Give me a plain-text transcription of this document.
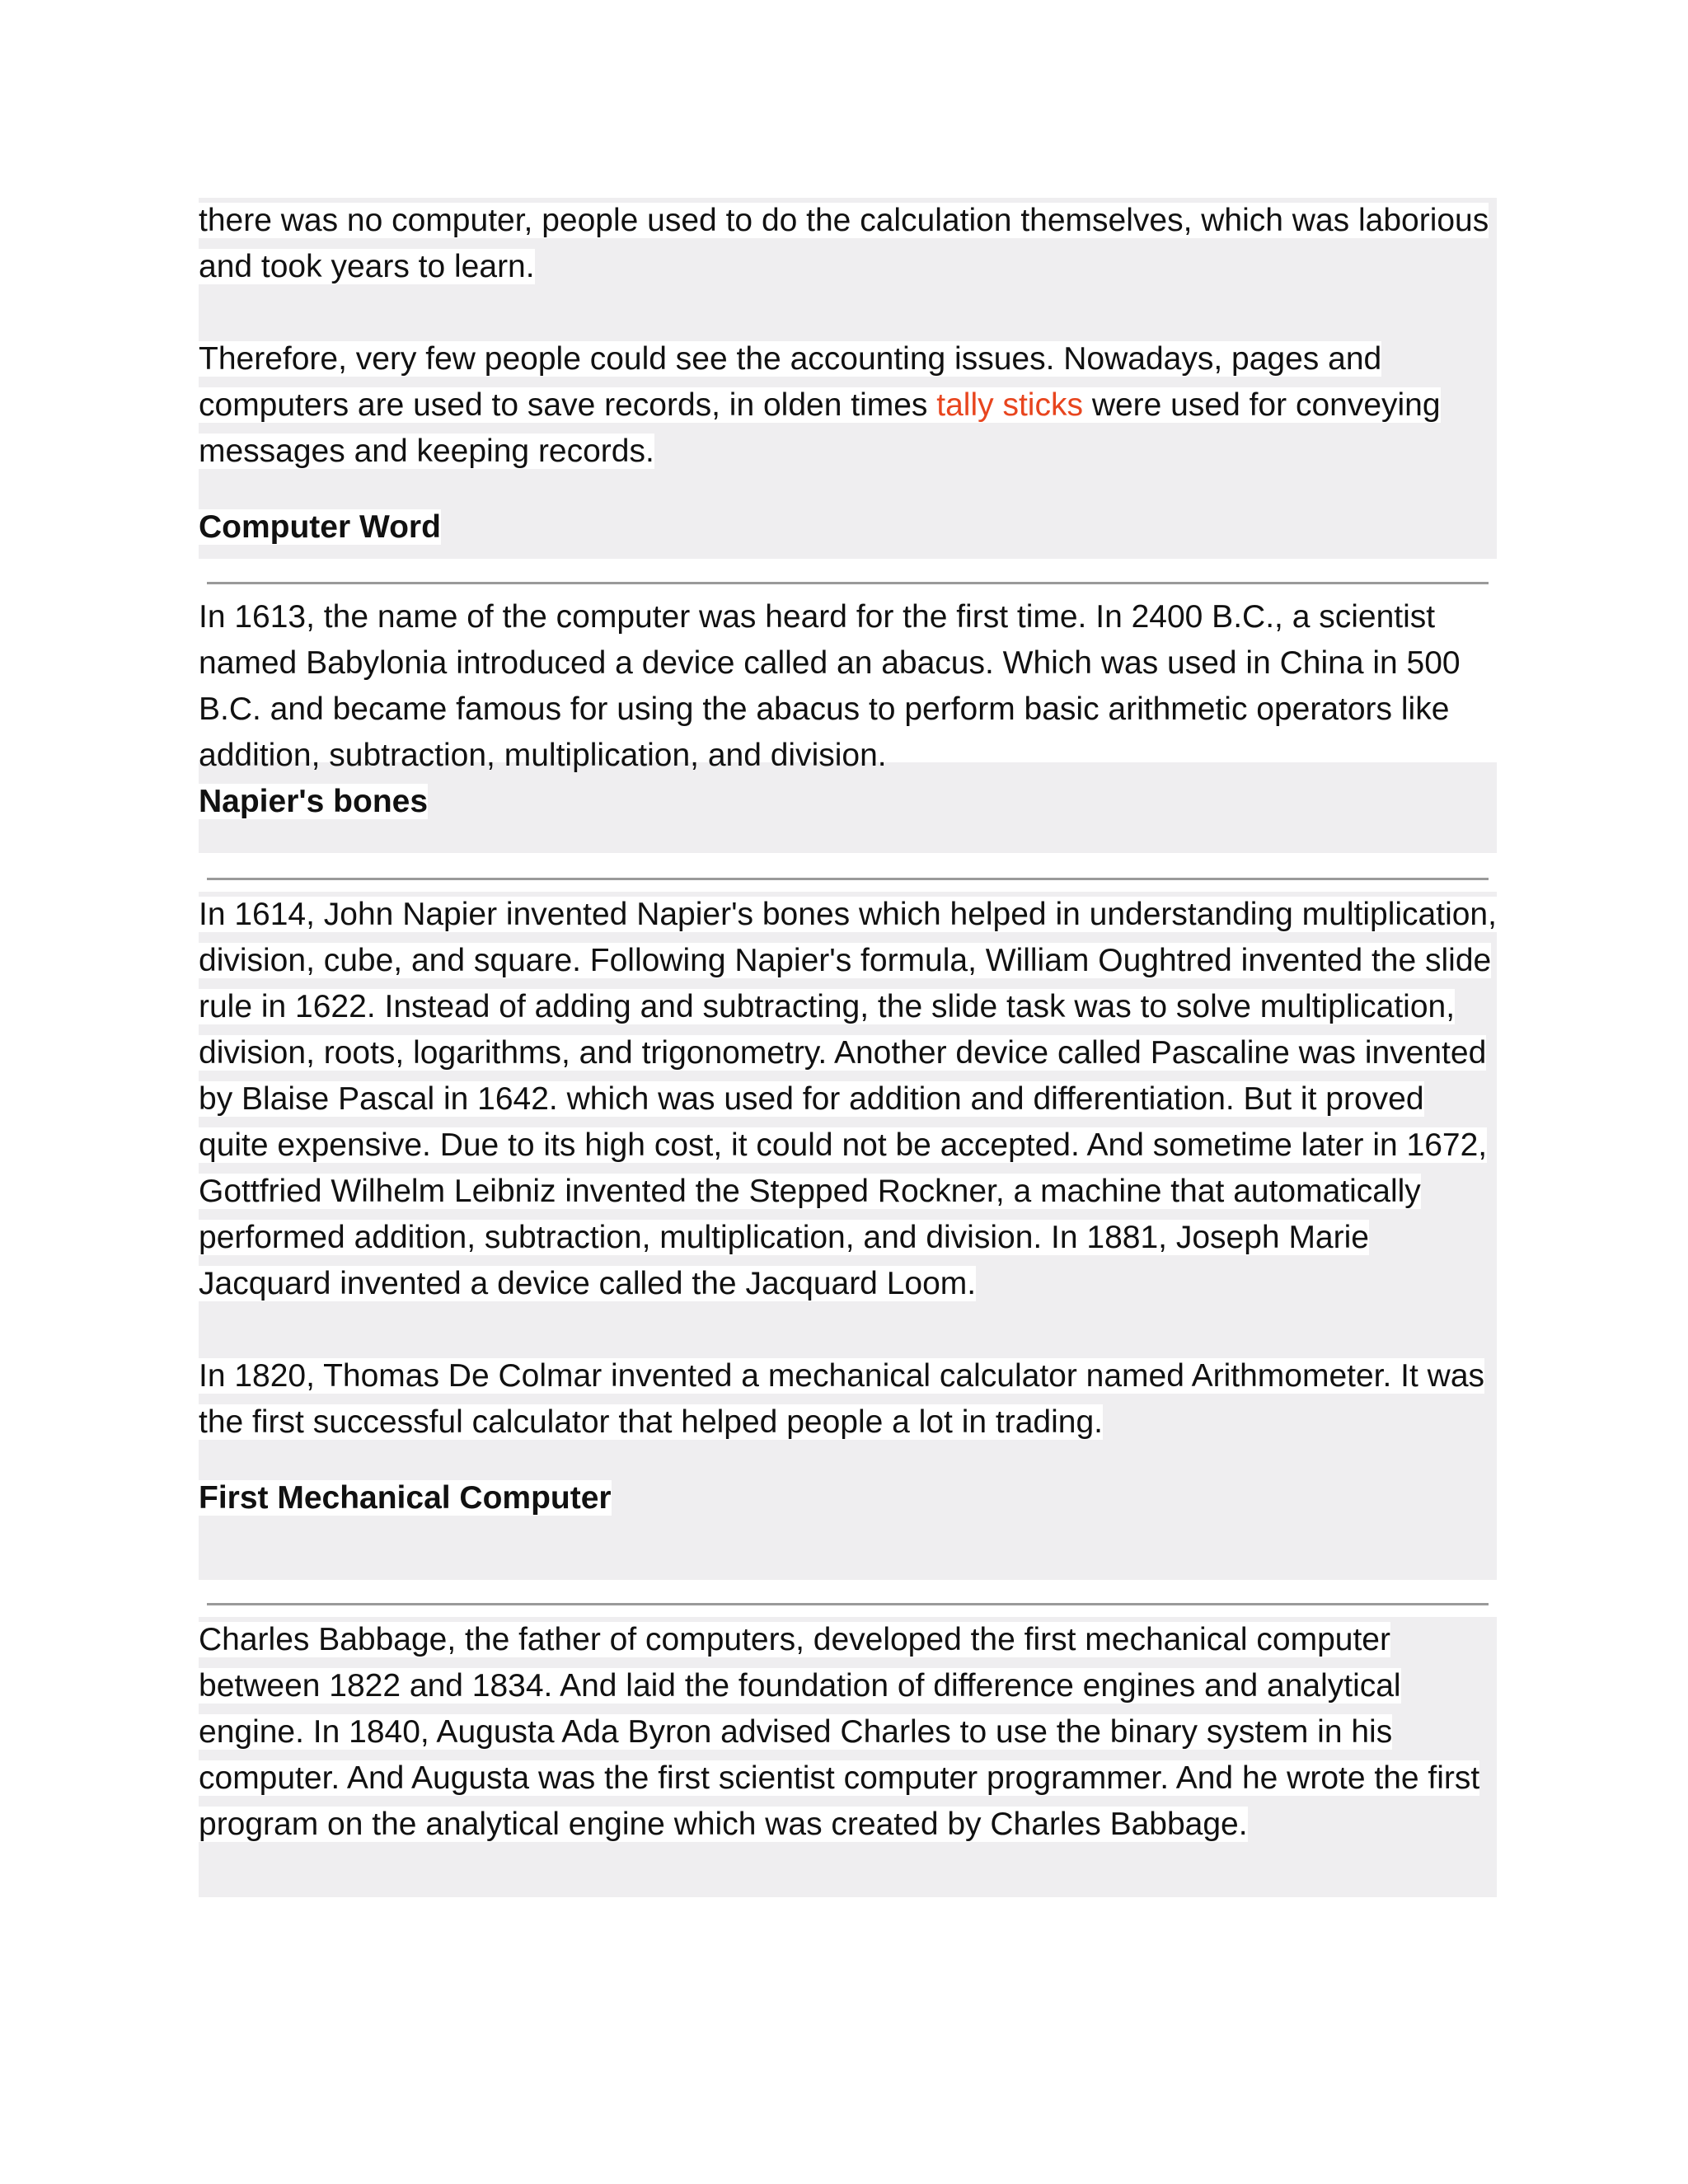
there was no computer, people used to do the calculation themselves, which was laborious and took years to learn.

Therefore, very few people could see the accounting issues. Nowadays, pages and computers are used to save records, in olden times tally sticks were used for conveying messages and keeping records.

Computer Word

In 1613, the name of the computer was heard for the first time. In 2400 B.C., a scientist named Babylonia introduced a device called an abacus. Which was used in China in 500 B.C. and became famous for using the abacus to perform basic arithmetic operators like addition, subtraction, multiplication, and division.

Napier's bones

In 1614, John Napier invented Napier's bones which helped in understanding multiplication, division, cube, and square. Following Napier's formula, William Oughtred invented the slide rule in 1622. Instead of adding and subtracting, the slide task was to solve multiplication, division, roots, logarithms, and trigonometry. Another device called Pascaline was invented by Blaise Pascal in 1642. which was used for addition and differentiation. But it proved quite expensive. Due to its high cost, it could not be accepted. And sometime later in 1672, Gottfried Wilhelm Leibniz invented the Stepped Rockner, a machine that automatically performed addition, subtraction, multiplication, and division. In 1881, Joseph Marie Jacquard invented a device called the Jacquard Loom.

In 1820, Thomas De Colmar invented a mechanical calculator named Arithmometer. It was the first successful calculator that helped people a lot in trading.

First Mechanical Computer

Charles Babbage, the father of computers, developed the first mechanical computer between 1822 and 1834. And laid the foundation of difference engines and analytical engine. In 1840, Augusta Ada Byron advised Charles to use the binary system in his computer. And Augusta was the first scientist computer programmer. And he wrote the first program on the analytical engine which was created by Charles Babbage.
